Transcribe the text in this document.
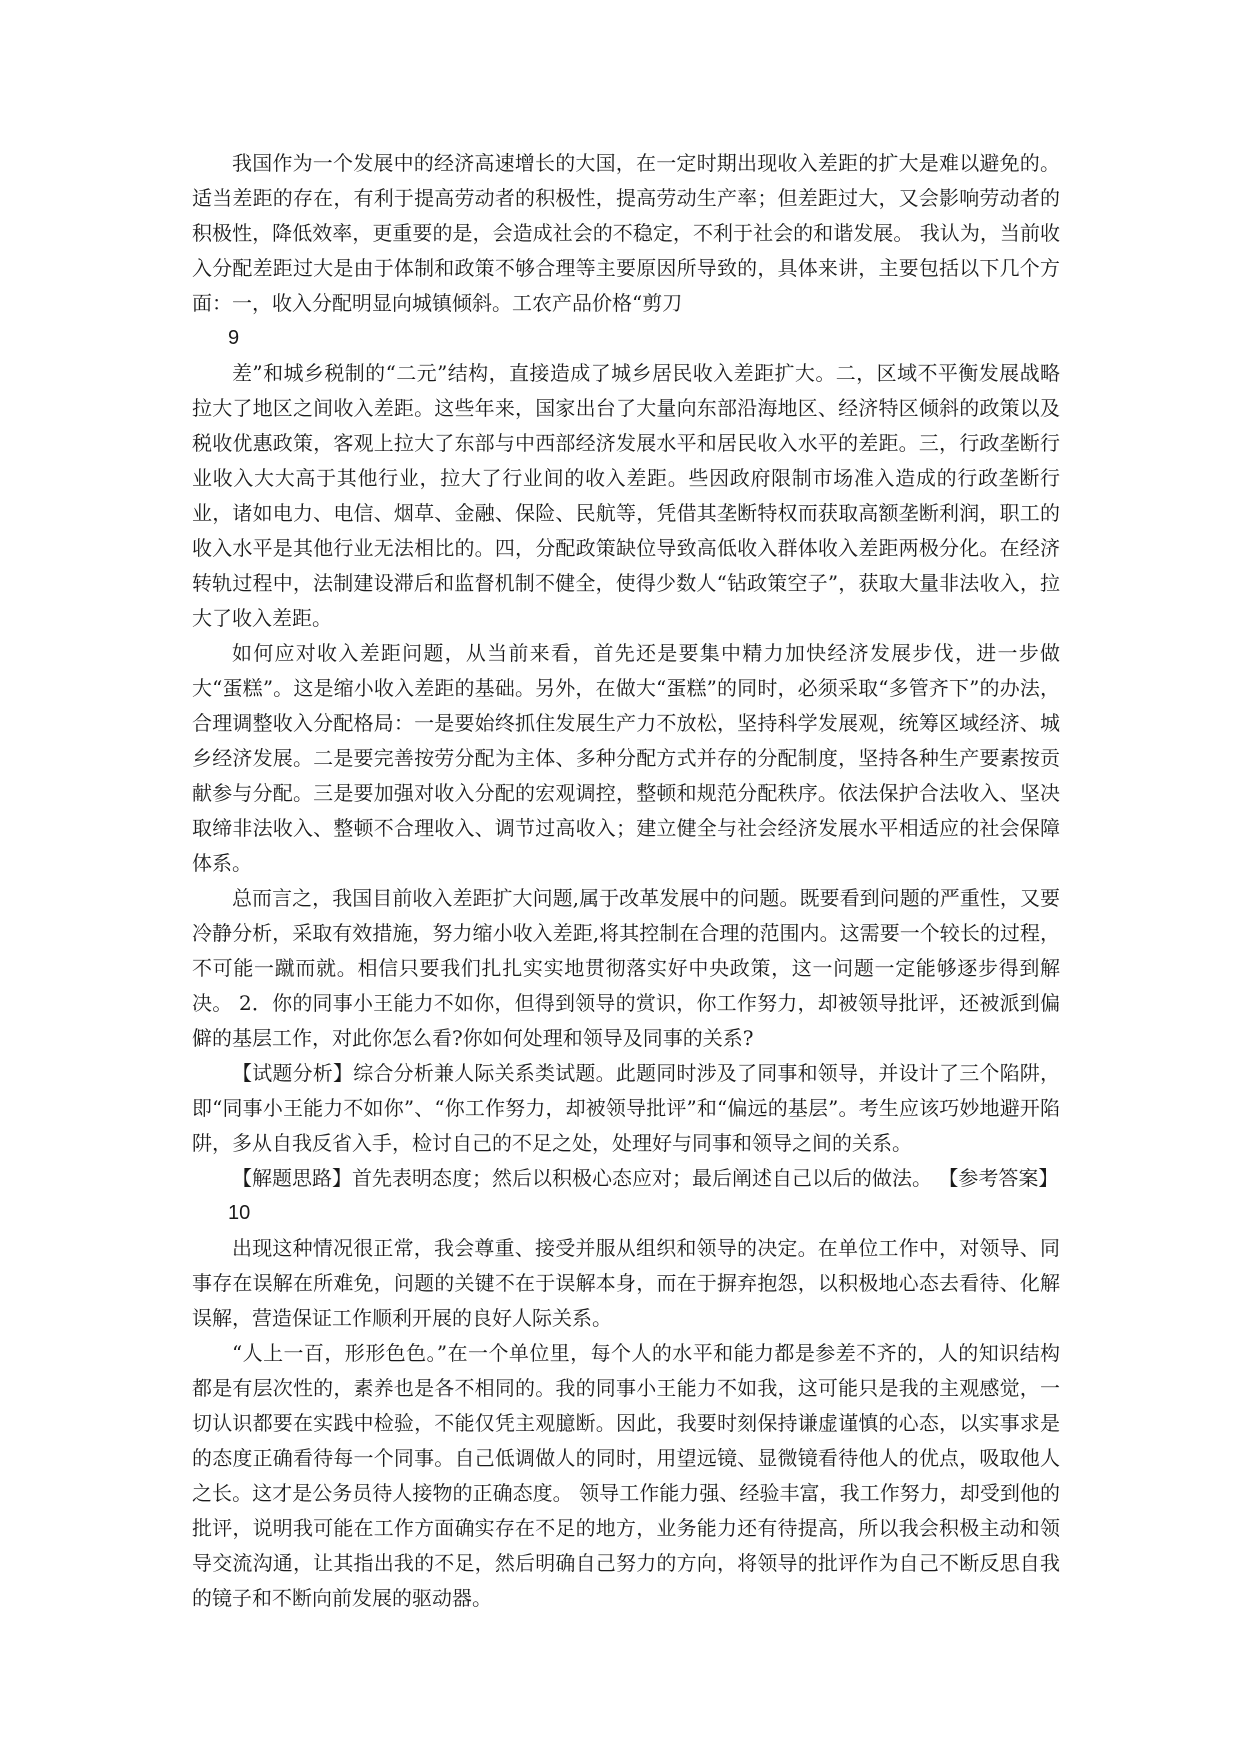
我国作为一个发展中的经济高速增长的大国，在一定时期出现收入差距的扩大是难以避免的。适当差距的存在，有利于提高劳动者的积极性，提高劳动生产率；但差距过大，又会影响劳动者的积极性，降低效率，更重要的是，会造成社会的不稳定，不利于社会的和谐发展。 我认为，当前收入分配差距过大是由于体制和政策不够合理等主要原因所导致的，具体来讲，主要包括以下几个方面：一，收入分配明显向城镇倾斜。工农产品价格“剪刀

9

差”和城乡税制的“二元”结构，直接造成了城乡居民收入差距扩大。二，区域不平衡发展战略拉大了地区之间收入差距。这些年来，国家出台了大量向东部沿海地区、经济特区倾斜的政策以及税收优惠政策，客观上拉大了东部与中西部经济发展水平和居民收入水平的差距。三，行政垄断行业收入大大高于其他行业，拉大了行业间的收入差距。些因政府限制市场准入造成的行政垄断行业，诸如电力、电信、烟草、金融、保险、民航等，凭借其垄断特权而获取高额垄断利润，职工的收入水平是其他行业无法相比的。四，分配政策缺位导致高低收入群体收入差距两极分化。在经济转轨过程中，法制建设滞后和监督机制不健全，使得少数人“钻政策空子”，获取大量非法收入，拉大了收入差距。

如何应对收入差距问题，从当前来看，首先还是要集中精力加快经济发展步伐，进一步做大“蛋糕”。这是缩小收入差距的基础。另外，在做大“蛋糕”的同时，必须采取“多管齐下”的办法，合理调整收入分配格局：一是要始终抓住发展生产力不放松，坚持科学发展观，统筹区域经济、城乡经济发展。二是要完善按劳分配为主体、多种分配方式并存的分配制度，坚持各种生产要素按贡献参与分配。三是要加强对收入分配的宏观调控，整顿和规范分配秩序。依法保护合法收入、坚决取缔非法收入、整顿不合理收入、调节过高收入；建立健全与社会经济发展水平相适应的社会保障体系。

总而言之，我国目前收入差距扩大问题,属于改革发展中的问题。既要看到问题的严重性，又要冷静分析，采取有效措施，努力缩小收入差距,将其控制在合理的范围内。这需要一个较长的过程，不可能一蹴而就。相信只要我们扎扎实实地贯彻落实好中央政策，这一问题一定能够逐步得到解决。 2．你的同事小王能力不如你，但得到领导的赏识，你工作努力，却被领导批评，还被派到偏僻的基层工作，对此你怎么看?你如何处理和领导及同事的关系?

【试题分析】综合分析兼人际关系类试题。此题同时涉及了同事和领导，并设计了三个陷阱，即“同事小王能力不如你”、“你工作努力，却被领导批评”和“偏远的基层”。考生应该巧妙地避开陷阱，多从自我反省入手，检讨自己的不足之处，处理好与同事和领导之间的关系。

【解题思路】首先表明态度；然后以积极心态应对；最后阐述自己以后的做法。 【参考答案】

10

出现这种情况很正常，我会尊重、接受并服从组织和领导的决定。在单位工作中，对领导、同事存在误解在所难免，问题的关键不在于误解本身，而在于摒弃抱怨，以积极地心态去看待、化解误解，营造保证工作顺利开展的良好人际关系。

“人上一百，形形色色。”在一个单位里，每个人的水平和能力都是参差不齐的，人的知识结构都是有层次性的，素养也是各不相同的。我的同事小王能力不如我，这可能只是我的主观感觉，一切认识都要在实践中检验，不能仅凭主观臆断。因此，我要时刻保持谦虚谨慎的心态，以实事求是的态度正确看待每一个同事。自己低调做人的同时，用望远镜、显微镜看待他人的优点，吸取他人之长。这才是公务员待人接物的正确态度。 领导工作能力强、经验丰富，我工作努力，却受到他的批评，说明我可能在工作方面确实存在不足的地方，业务能力还有待提高，所以我会积极主动和领导交流沟通，让其指出我的不足，然后明确自己努力的方向，将领导的批评作为自己不断反思自我的镜子和不断向前发展的驱动器。
